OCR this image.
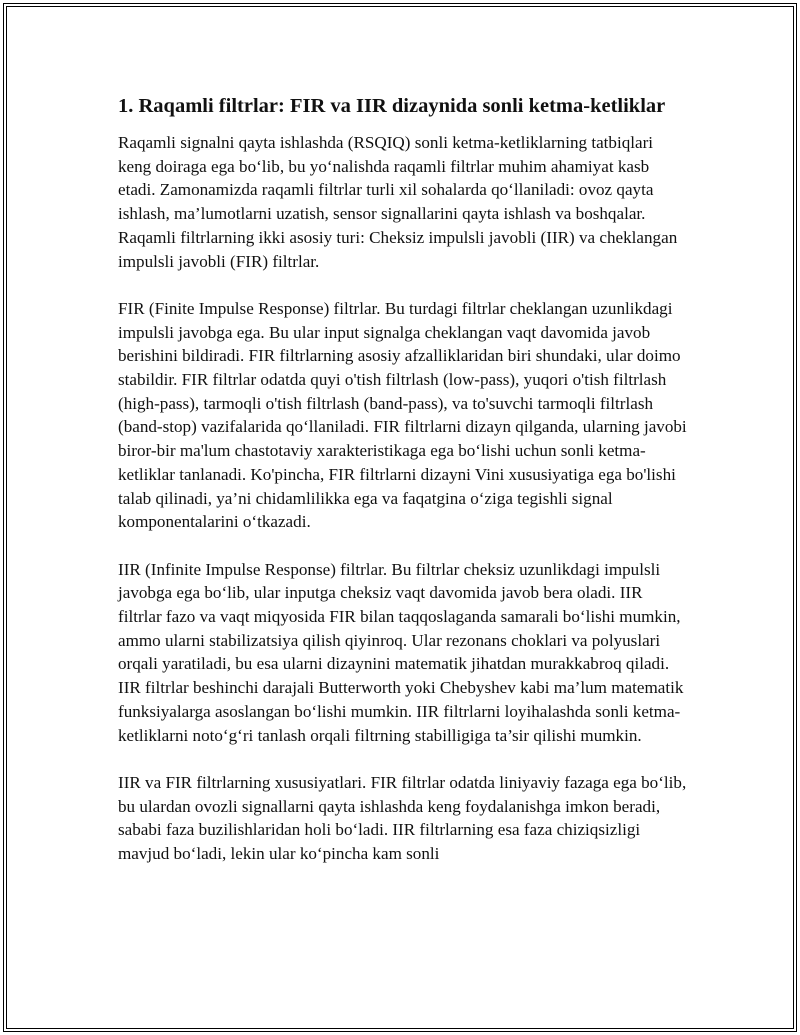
1. Raqamli filtrlar: FIR va IIR dizaynida sonli ketma-ketliklar

Raqamli signalni qayta ishlashda (RSQIQ) sonli ketma-ketliklarning tatbiqlari keng doiraga ega bo‘lib, bu yo‘nalishda raqamli filtrlar muhim ahamiyat kasb etadi. Zamonamizda raqamli filtrlar turli xil sohalarda qo‘llaniladi: ovoz qayta ishlash, ma’lumotlarni uzatish, sensor signallarini qayta ishlash va boshqalar. Raqamli filtrlarning ikki asosiy turi: Cheksiz impulsli javobli (IIR) va cheklangan impulsli javobli (FIR) filtrlar.

FIR (Finite Impulse Response) filtrlar. Bu turdagi filtrlar cheklangan uzunlikdagi impulsli javobga ega. Bu ular input signalga cheklangan vaqt davomida javob berishini bildiradi. FIR filtrlarning asosiy afzalliklaridan biri shundaki, ular doimo stabildir. FIR filtrlar odatda quyi o'tish filtrlash (low-pass), yuqori o'tish filtrlash (high-pass), tarmoqli o'tish filtrlash (band-pass), va to'suvchi tarmoqli filtrlash (band-stop) vazifalarida qo‘llaniladi. FIR filtrlarni dizayn qilganda, ularning javobi biror-bir ma'lum chastotaviy xarakteristikaga ega bo‘lishi uchun sonli ketma-ketliklar tanlanadi. Ko'pincha, FIR filtrlarni dizayni Vini xususiyatiga ega bo'lishi talab qilinadi, ya’ni chidamlilikka ega va faqatgina o‘ziga tegishli signal komponentalarini o‘tkazadi.

IIR (Infinite Impulse Response) filtrlar. Bu filtrlar cheksiz uzunlikdagi impulsli javobga ega bo‘lib, ular inputga cheksiz vaqt davomida javob bera oladi. IIR filtrlar fazo va vaqt miqyosida FIR bilan taqqoslaganda samarali bo‘lishi mumkin, ammo ularni stabilizatsiya qilish qiyinroq. Ular rezonans choklari va polyuslari orqali yaratiladi, bu esa ularni dizaynini matematik jihatdan murakkabroq qiladi. IIR filtrlar beshinchi darajali Butterworth yoki Chebyshev kabi ma’lum matematik funksiyalarga asoslangan bo‘lishi mumkin. IIR filtrlarni loyihalashda sonli ketma-ketliklarni noto‘g‘ri tanlash orqali filtrning stabilligiga ta’sir qilishi mumkin.

IIR va FIR filtrlarning xususiyatlari. FIR filtrlar odatda liniyaviy fazaga ega bo‘lib, bu ulardan ovozli signallarni qayta ishlashda keng foydalanishga imkon beradi, sababi faza buzilishlaridan holi bo‘ladi. IIR filtrlarning esa faza chiziqsizligi mavjud bo‘ladi, lekin ular ko‘pincha kam sonli
